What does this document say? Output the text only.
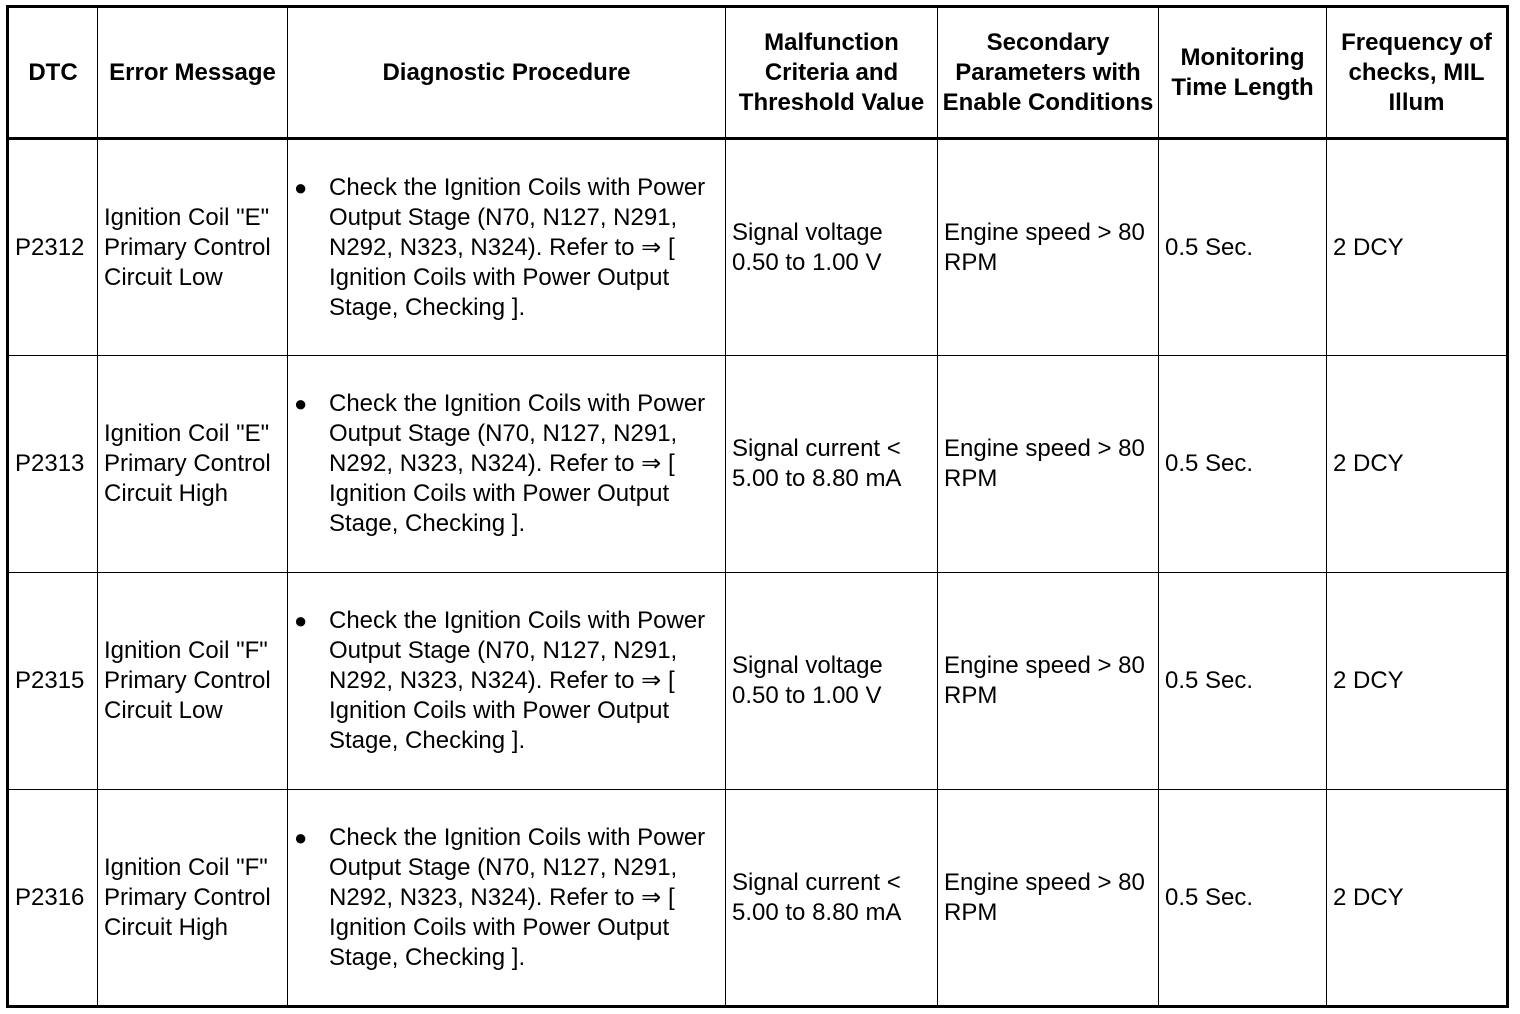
DTC	Error Message	Diagnostic Procedure	Malfunction Criteria and Threshold Value	Secondary Parameters with Enable Conditions	Monitoring Time Length	Frequency of checks, MIL Illum
P2312	Ignition Coil "E" Primary Control Circuit Low	● Check the Ignition Coils with Power Output Stage (N70, N127, N291, N292, N323, N324). Refer to ⇒ [ Ignition Coils with Power Output Stage, Checking ].	Signal voltage 0.50 to 1.00 V	Engine speed > 80 RPM	0.5 Sec.	2 DCY
P2313	Ignition Coil "E" Primary Control Circuit High	● Check the Ignition Coils with Power Output Stage (N70, N127, N291, N292, N323, N324). Refer to ⇒ [ Ignition Coils with Power Output Stage, Checking ].	Signal current < 5.00 to 8.80 mA	Engine speed > 80 RPM	0.5 Sec.	2 DCY
P2315	Ignition Coil "F" Primary Control Circuit Low	● Check the Ignition Coils with Power Output Stage (N70, N127, N291, N292, N323, N324). Refer to ⇒ [ Ignition Coils with Power Output Stage, Checking ].	Signal voltage 0.50 to 1.00 V	Engine speed > 80 RPM	0.5 Sec.	2 DCY
P2316	Ignition Coil "F" Primary Control Circuit High	● Check the Ignition Coils with Power Output Stage (N70, N127, N291, N292, N323, N324). Refer to ⇒ [ Ignition Coils with Power Output Stage, Checking ].	Signal current < 5.00 to 8.80 mA	Engine speed > 80 RPM	0.5 Sec.	2 DCY
